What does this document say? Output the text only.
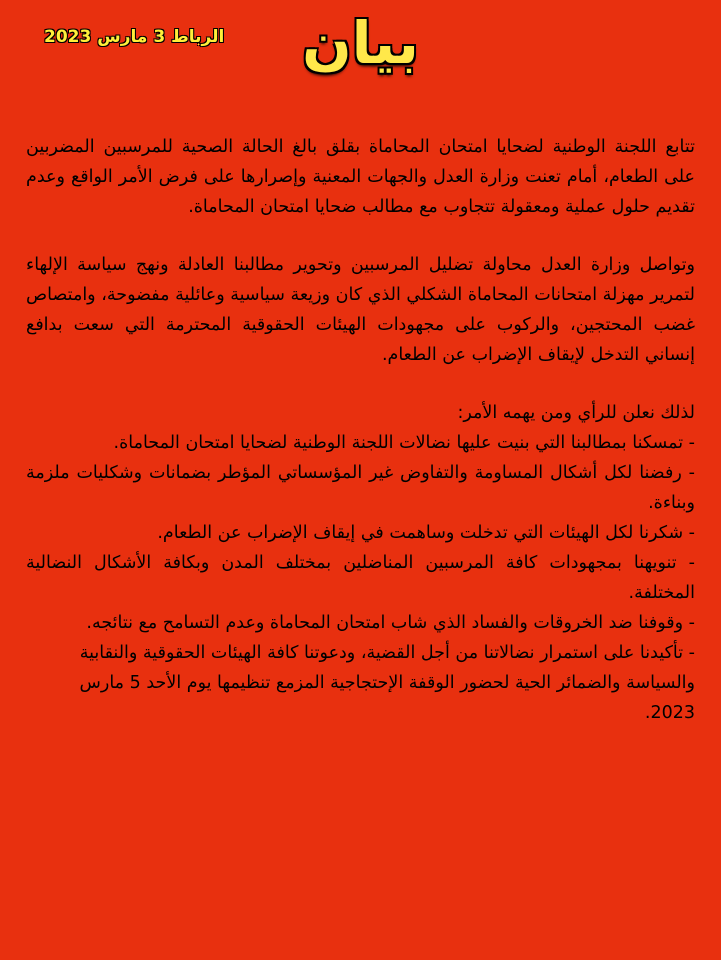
الرباط 3 مارس 2023	بيان

تتابع اللجنة الوطنية لضحايا امتحان المحاماة بقلق بالغ الحالة الصحية للمرسبين المضربين على الطعام، أمام تعنت وزارة العدل والجهات المعنية وإصرارها على فرض الأمر الواقع وعدم تقديم حلول عملية ومعقولة تتجاوب مع مطالب ضحايا امتحان المحاماة.

وتواصل وزارة العدل محاولة تضليل المرسبين وتحوير مطالبنا العادلة ونهج سياسة الإلهاء لتمرير مهزلة امتحانات المحاماة الشكلي الذي كان وزيعة سياسية وعائلية مفضوحة، وامتصاص غضب المحتجين، والركوب على مجهودات الهيئات الحقوقية المحترمة التي سعت بدافع إنساني التدخل لإيقاف الإضراب عن الطعام.

لذلك نعلن للرأي ومن يهمه الأمر:

- تمسكنا بمطالبنا التي بنيت عليها نضالات اللجنة الوطنية لضحايا امتحان المحاماة.

- رفضنا لكل أشكال المساومة والتفاوض غير المؤسساتي المؤطر بضمانات وشكليات ملزمة وبناءة.

- شكرنا لكل الهيئات التي تدخلت وساهمت في إيقاف الإضراب عن الطعام.

- تنويهنا بمجهودات كافة المرسبين المناضلين بمختلف المدن وبكافة الأشكال النضالية المختلفة.

- وقوفنا ضد الخروقات والفساد الذي شاب امتحان المحاماة وعدم التسامح مع نتائجه.

- تأكيدنا على استمرار نضالاتنا من أجل القضية، ودعوتنا كافة الهيئات الحقوقية والنقابية والسياسة والضمائر الحية لحضور الوقفة الإحتجاجية المزمع تنظيمها يوم الأحد 5 مارس 2023.
